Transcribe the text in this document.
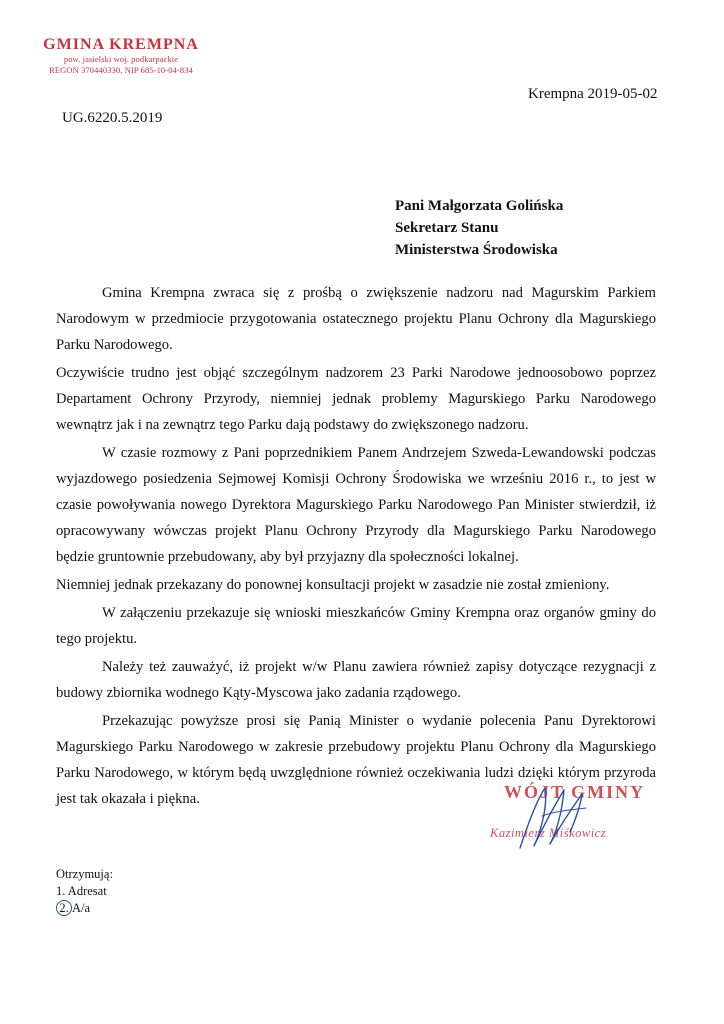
GMINA KREMPNA
pow. jasielski woj. podkarpackie
REGON 370440330, NIP 685-10-04-834
Krempna 2019-05-02
UG.6220.5.2019
Pani Małgorzata Golińska
Sekretarz Stanu
Ministerstwa Środowiska

Gmina Krempna zwraca się z prośbą o zwiększenie nadzoru nad Magurskim Parkiem Narodowym w przedmiocie przygotowania ostatecznego projektu Planu Ochrony dla Magurskiego Parku Narodowego.

Oczywiście trudno jest objąć szczególnym nadzorem 23 Parki Narodowe jednoosobowo poprzez Departament Ochrony Przyrody, niemniej jednak problemy Magurskiego Parku Narodowego wewnątrz jak i na zewnątrz tego Parku dają podstawy do zwiększonego nadzoru.

W czasie rozmowy z Pani poprzednikiem Panem Andrzejem Szweda-Lewandowski podczas wyjazdowego posiedzenia Sejmowej Komisji Ochrony Środowiska we wrześniu 2016 r., to jest w czasie powoływania nowego Dyrektora Magurskiego Parku Narodowego Pan Minister stwierdził, iż opracowywany wówczas projekt Planu Ochrony Przyrody dla Magurskiego Parku Narodowego będzie gruntownie przebudowany, aby był przyjazny dla społeczności lokalnej.

Niemniej jednak przekazany do ponownej konsultacji projekt w zasadzie nie został zmieniony.

W załączeniu przekazuje się wnioski mieszkańców Gminy Krempna oraz organów gminy do tego projektu.

Należy też zauważyć, iż projekt w/w Planu zawiera również zapisy dotyczące rezygnacji z budowy zbiornika wodnego Kąty-Myscowa jako zadania rządowego.

Przekazując powyższe prosi się Panią Minister o wydanie polecenia Panu Dyrektorowi Magurskiego Parku Narodowego w zakresie przebudowy projektu Planu Ochrony dla Magurskiego Parku Narodowego, w którym będą uwzględnione również oczekiwania ludzi dzięki którym przyroda jest tak okazała i piękna.	WÓJT GMINY
Kazimierz Miśkowicz
Otrzymują:
1. Adresat
2. A/a
